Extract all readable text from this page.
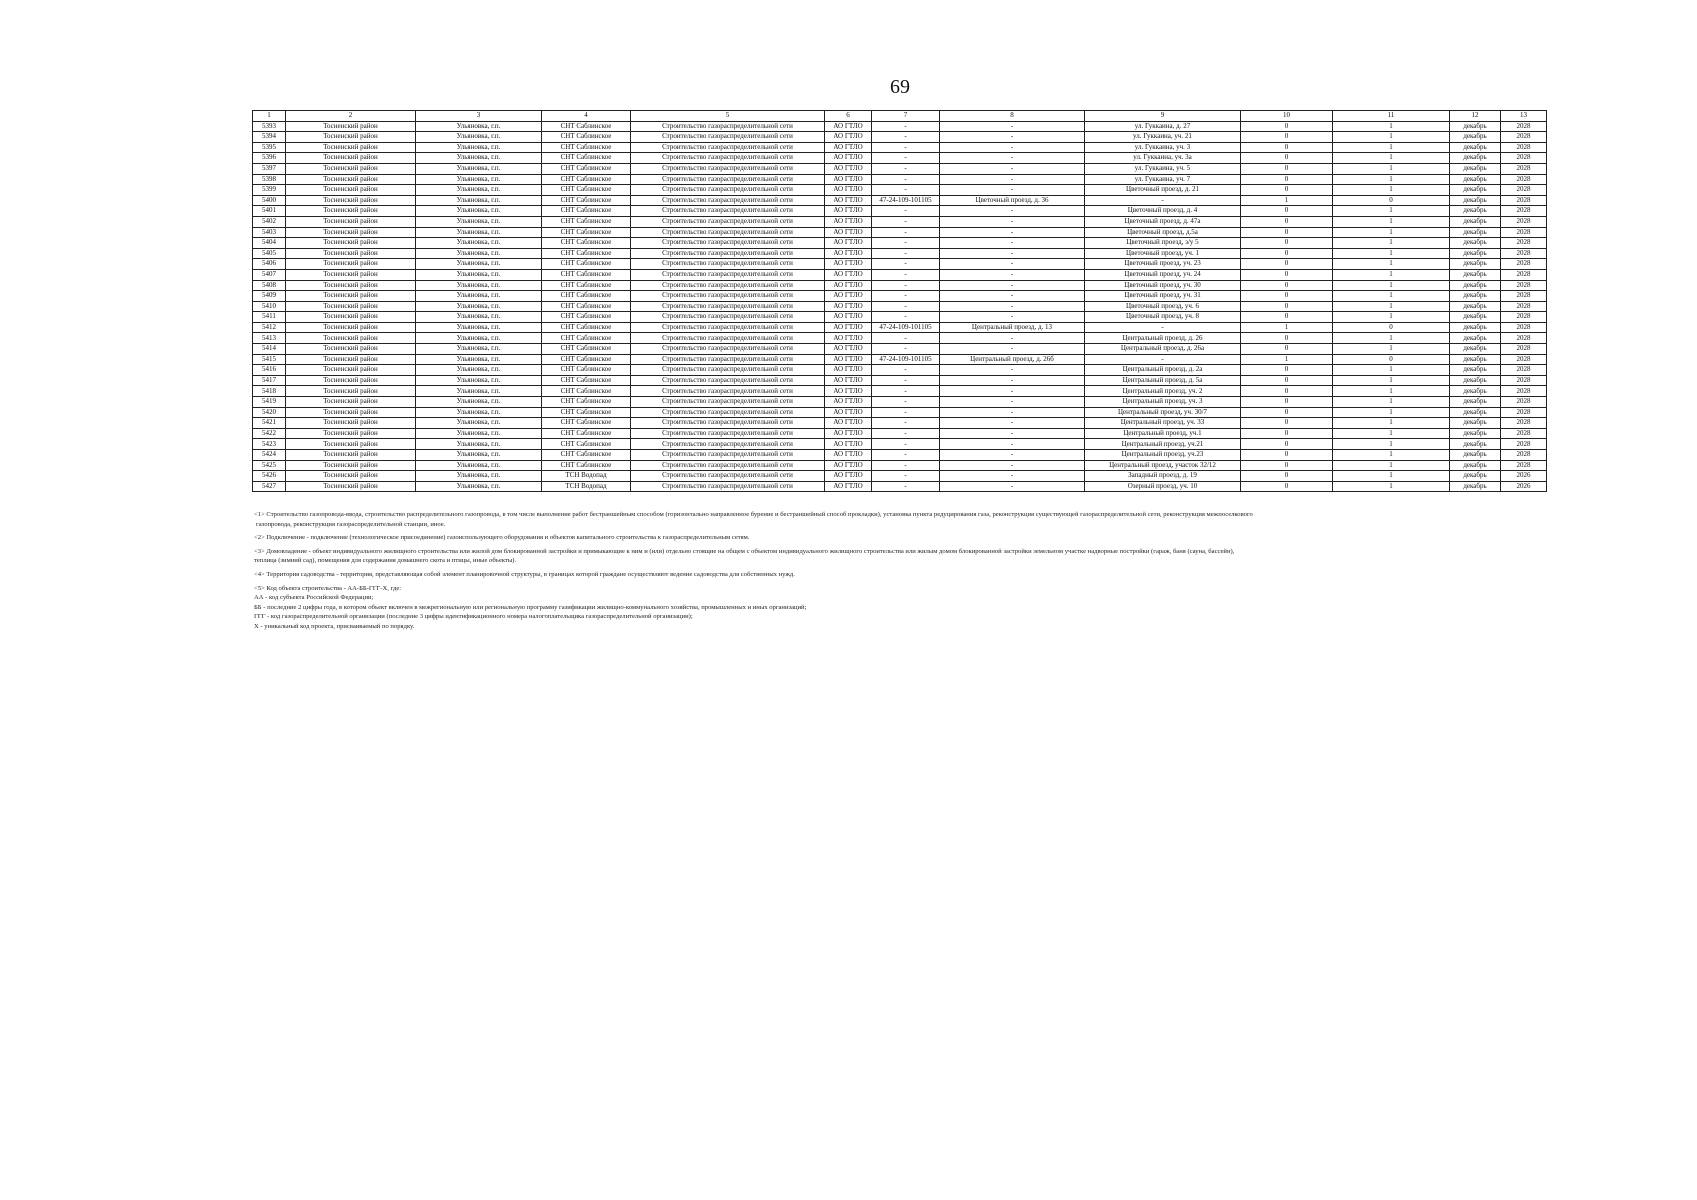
69
1	2	3	4	5	6	7	8	9	10	11	12	13
5393	Тосненский район	Ульяновка, г.п.	СНТ Саблинское	Строительство газораспределительной сети	АО ГТЛО	-	-	ул. Гуккаина, д. 27	0	1	декабрь	2028
5394	Тосненский район	Ульяновка, г.п.	СНТ Саблинское	Строительство газораспределительной сети	АО ГТЛО	-	-	ул. Гуккаина, уч. 21	0	1	декабрь	2028
5395	Тосненский район	Ульяновка, г.п.	СНТ Саблинское	Строительство газораспределительной сети	АО ГТЛО	-	-	ул. Гуккаина, уч. 3	0	1	декабрь	2028
5396	Тосненский район	Ульяновка, г.п.	СНТ Саблинское	Строительство газораспределительной сети	АО ГТЛО	-	-	ул. Гуккаина, уч. 3а	0	1	декабрь	2028
5397	Тосненский район	Ульяновка, г.п.	СНТ Саблинское	Строительство газораспределительной сети	АО ГТЛО	-	-	ул. Гуккаина, уч. 5	0	1	декабрь	2028
5398	Тосненский район	Ульяновка, г.п.	СНТ Саблинское	Строительство газораспределительной сети	АО ГТЛО	-	-	ул. Гуккаина, уч. 7	0	1	декабрь	2028
5399	Тосненский район	Ульяновка, г.п.	СНТ Саблинское	Строительство газораспределительной сети	АО ГТЛО	-	-	Цветочный проезд, д. 21	0	1	декабрь	2028
5400	Тосненский район	Ульяновка, г.п.	СНТ Саблинское	Строительство газораспределительной сети	АО ГТЛО	47-24-109-101105	Цветочный проезд, д. 36	-	1	0	декабрь	2028
5401	Тосненский район	Ульяновка, г.п.	СНТ Саблинское	Строительство газораспределительной сети	АО ГТЛО	-	-	Цветочный проезд, д. 4	0	1	декабрь	2028
5402	Тосненский район	Ульяновка, г.п.	СНТ Саблинское	Строительство газораспределительной сети	АО ГТЛО	-	-	Цветочный проезд, д. 47а	0	1	декабрь	2028
5403	Тосненский район	Ульяновка, г.п.	СНТ Саблинское	Строительство газораспределительной сети	АО ГТЛО	-	-	Цветочный проезд, д.5а	0	1	декабрь	2028
5404	Тосненский район	Ульяновка, г.п.	СНТ Саблинское	Строительство газораспределительной сети	АО ГТЛО	-	-	Цветочный проезд, з/у 5	0	1	декабрь	2028
5405	Тосненский район	Ульяновка, г.п.	СНТ Саблинское	Строительство газораспределительной сети	АО ГТЛО	-	-	Цветочный проезд, уч. 1	0	1	декабрь	2028
5406	Тосненский район	Ульяновка, г.п.	СНТ Саблинское	Строительство газораспределительной сети	АО ГТЛО	-	-	Цветочный проезд, уч. 23	0	1	декабрь	2028
5407	Тосненский район	Ульяновка, г.п.	СНТ Саблинское	Строительство газораспределительной сети	АО ГТЛО	-	-	Цветочный проезд, уч. 24	0	1	декабрь	2028
5408	Тосненский район	Ульяновка, г.п.	СНТ Саблинское	Строительство газораспределительной сети	АО ГТЛО	-	-	Цветочный проезд, уч. 30	0	1	декабрь	2028
5409	Тосненский район	Ульяновка, г.п.	СНТ Саблинское	Строительство газораспределительной сети	АО ГТЛО	-	-	Цветочный проезд, уч. 31	0	1	декабрь	2028
5410	Тосненский район	Ульяновка, г.п.	СНТ Саблинское	Строительство газораспределительной сети	АО ГТЛО	-	-	Цветочный проезд, уч. 6	0	1	декабрь	2028
5411	Тосненский район	Ульяновка, г.п.	СНТ Саблинское	Строительство газораспределительной сети	АО ГТЛО	-	-	Цветочный проезд, уч. 8	0	1	декабрь	2028
5412	Тосненский район	Ульяновка, г.п.	СНТ Саблинское	Строительство газораспределительной сети	АО ГТЛО	47-24-109-101105	Центральный проезд, д. 13	-	1	0	декабрь	2028
5413	Тосненский район	Ульяновка, г.п.	СНТ Саблинское	Строительство газораспределительной сети	АО ГТЛО	-	-	Центральный проезд, д. 26	0	1	декабрь	2028
5414	Тосненский район	Ульяновка, г.п.	СНТ Саблинское	Строительство газораспределительной сети	АО ГТЛО	-	-	Центральный проезд, д. 26а	0	1	декабрь	2028
5415	Тосненский район	Ульяновка, г.п.	СНТ Саблинское	Строительство газораспределительной сети	АО ГТЛО	47-24-109-101105	Центральный проезд, д. 26б	-	1	0	декабрь	2028
5416	Тосненский район	Ульяновка, г.п.	СНТ Саблинское	Строительство газораспределительной сети	АО ГТЛО	-	-	Центральный проезд, д. 2а	0	1	декабрь	2028
5417	Тосненский район	Ульяновка, г.п.	СНТ Саблинское	Строительство газораспределительной сети	АО ГТЛО	-	-	Центральный проезд, д. 5а	0	1	декабрь	2028
5418	Тосненский район	Ульяновка, г.п.	СНТ Саблинское	Строительство газораспределительной сети	АО ГТЛО	-	-	Центральный проезд, уч. 2	0	1	декабрь	2028
5419	Тосненский район	Ульяновка, г.п.	СНТ Саблинское	Строительство газораспределительной сети	АО ГТЛО	-	-	Центральный проезд, уч. 3	0	1	декабрь	2028
5420	Тосненский район	Ульяновка, г.п.	СНТ Саблинское	Строительство газораспределительной сети	АО ГТЛО	-	-	Центральный проезд, уч. 30/7	0	1	декабрь	2028
5421	Тосненский район	Ульяновка, г.п.	СНТ Саблинское	Строительство газораспределительной сети	АО ГТЛО	-	-	Центральный проезд, уч. 33	0	1	декабрь	2028
5422	Тосненский район	Ульяновка, г.п.	СНТ Саблинское	Строительство газораспределительной сети	АО ГТЛО	-	-	Центральный проезд, уч.1	0	1	декабрь	2028
5423	Тосненский район	Ульяновка, г.п.	СНТ Саблинское	Строительство газораспределительной сети	АО ГТЛО	-	-	Центральный проезд, уч.21	0	1	декабрь	2028
5424	Тосненский район	Ульяновка, г.п.	СНТ Саблинское	Строительство газораспределительной сети	АО ГТЛО	-	-	Центральный проезд, уч.23	0	1	декабрь	2028
5425	Тосненский район	Ульяновка, г.п.	СНТ Саблинское	Строительство газораспределительной сети	АО ГТЛО	-	-	Центральный проезд, участок 32/12	0	1	декабрь	2028
5426	Тосненский район	Ульяновка, г.п.	ТСН Водопад	Строительство газораспределительной сети	АО ГТЛО	-	-	Западный проезд, д. 19	0	1	декабрь	2026
5427	Тосненский район	Ульяновка, г.п.	ТСН Водопад	Строительство газораспределительной сети	АО ГТЛО	-	-	Озерный проезд, уч. 10	0	1	декабрь	2026

<1> Строительство газопровода-ввода, строительство распределительного газопровода, в том числе выполнение работ бестраншейным способом (горизонтально направленное бурение и бестраншейный способ прокладки), установка пункта редуцирования газа, реконструкция существующей газораспределительной сети, реконструкция межпоселкового

газопровода, реконструкция газораспределительной станции, иное.

<2> Подключение - подключение (технологическое присоединение) газоиспользующего оборудования и объектов капитального строительства к газораспределительным сетям.

<3> Домовладение - объект индивидуального жилищного строительства или жилой дом блокированной застройки и примыкающие к ним и (или) отдельно стоящие на общем с объектом индивидуального жилищного строительства или жилым домом блокированной застройки земельном участке надворные постройки (гараж, баня (сауна, бассейн),

теплица (зимний сад), помещения для содержания домашнего скота и птицы, иные объекты).

<4> Территория садоводства - территория, представляющая собой элемент планировочной структуры, в границах которой граждане осуществляют ведение садоводства для собственных нужд.

<5> Код объекта строительства - АА-ББ-ГГГ-Х, где:

АА - код субъекта Российской Федерации;

ББ - последние 2 цифры года, в котором объект включен в межрегиональную или региональную программу газификации жилищно-коммунального хозяйства, промышленных и иных организаций;

ГГГ - код газораспределительной организации (последние 3 цифры идентификационного номера налогоплательщика газораспределительной организации);

Х - уникальный код проекта, присваиваемый по порядку.
